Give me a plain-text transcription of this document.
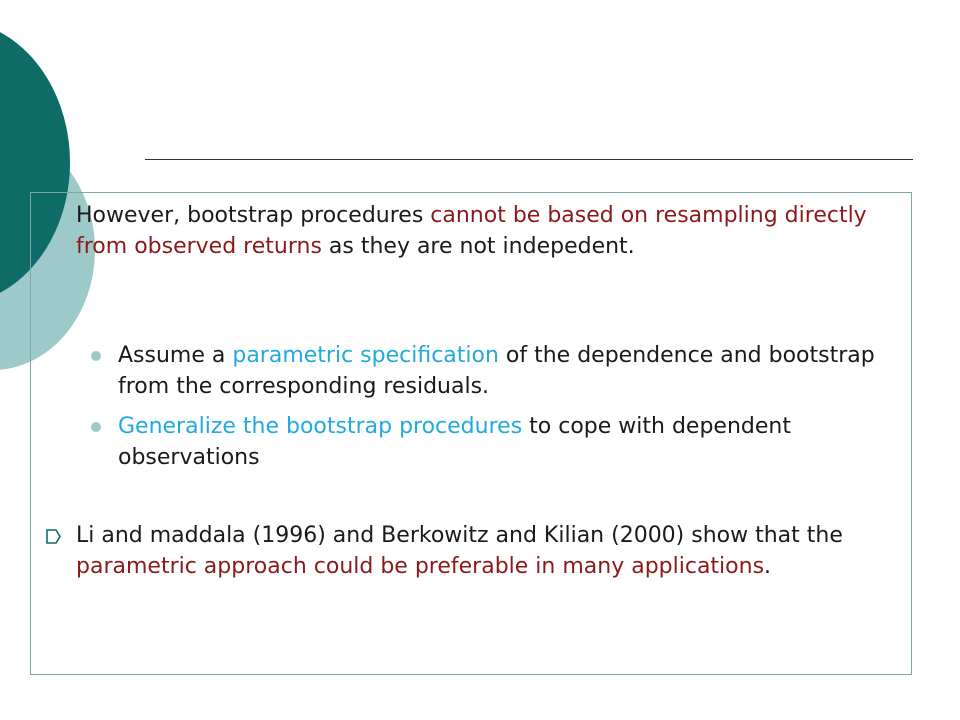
However, bootstrap procedures cannot be based on resampling directly from observed returns as they are not indepedent.

Assume a parametric specification of the dependence and bootstrap from the corresponding residuals.

Generalize the bootstrap procedures to cope with dependent observations

Li and maddala (1996) and Berkowitz and Kilian (2000) show that the parametric approach could be preferable in many applications.
